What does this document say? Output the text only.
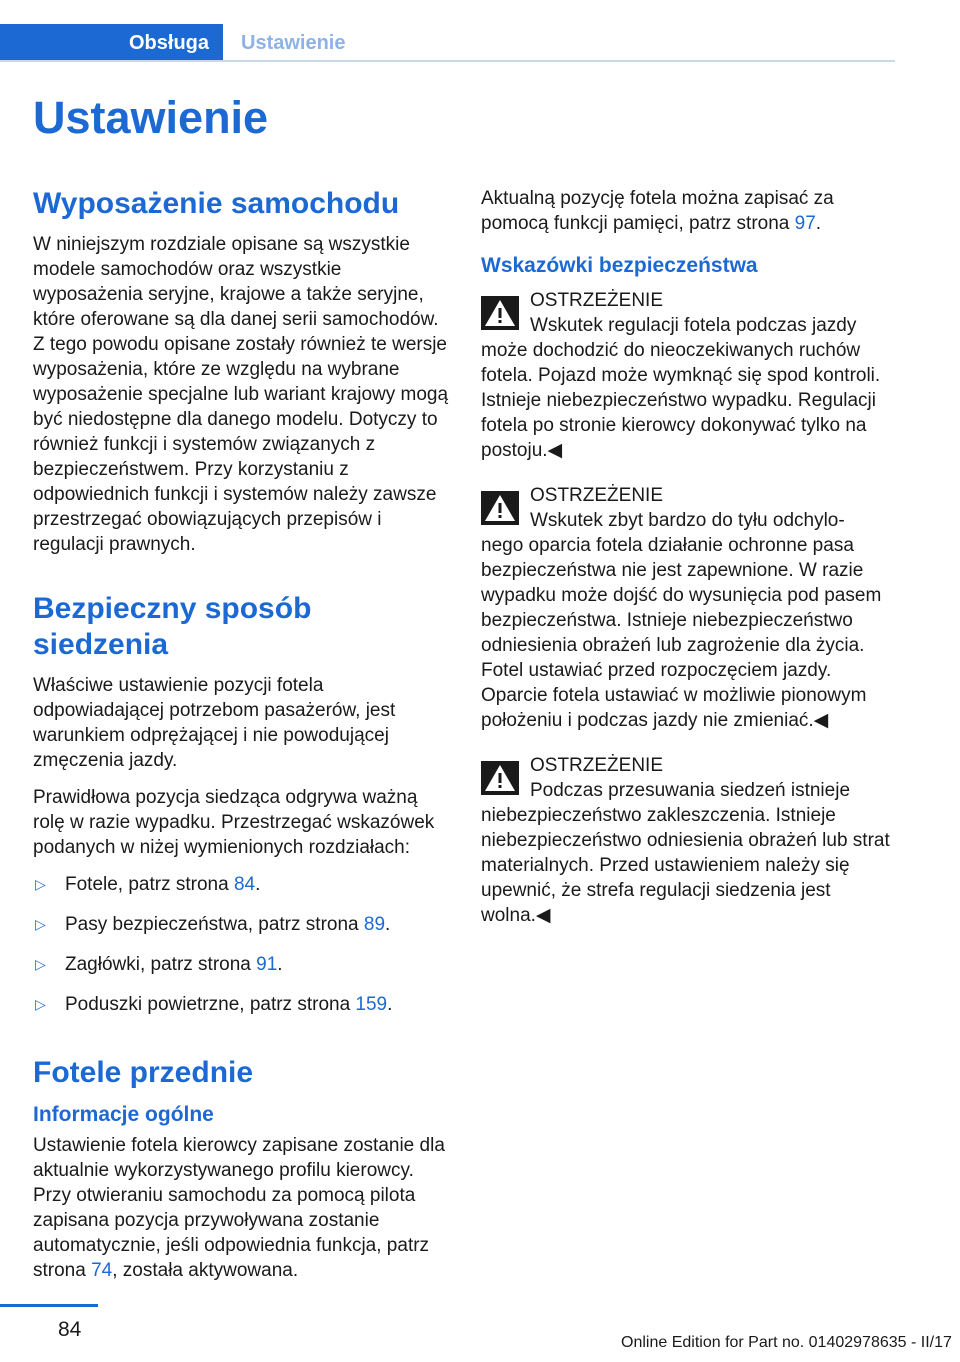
Obsługa	Ustawienie
Ustawienie
Wyposażenie samochodu

W niniejszym rozdziale opisane są wszystkie modele samochodów oraz wszystkie wyposażenia seryjne, krajowe a także seryjne, które oferowane są dla danej serii samochodów. Z tego powodu opisane zostały również te wersje wyposażenia, które ze względu na wybrane wyposażenie specjalne lub wariant krajowy mogą być niedostępne dla danego modelu. Dotyczy to również funkcji i systemów związanych z bezpieczeństwem. Przy korzystaniu z odpowiednich funkcji i systemów należy zawsze przestrzegać obowiązujących przepisów i regulacji prawnych.

Bezpieczny sposób siedzenia

Właściwe ustawienie pozycji fotela odpowiadającej potrzebom pasażerów, jest warunkiem odprężającej i nie powodującej zmęczenia jazdy.

Prawidłowa pozycja siedząca odgrywa ważną rolę w razie wypadku. Przestrzegać wskazówek podanych w niżej wymienionych rozdziałach:

▷ Fotele, patrz strona 84.
▷ Pasy bezpieczeństwa, patrz strona 89.
▷ Zagłówki, patrz strona 91.
▷ Poduszki powietrzne, patrz strona 159.
Fotele przednie
Informacje ogólne

Ustawienie fotela kierowcy zapisane zostanie dla aktualnie wykorzystywanego profilu kierowcy. Przy otwieraniu samochodu za pomocą pilota zapisana pozycja przywoływana zostanie automatycznie, jeśli odpowiednia funkcja, patrz strona 74, została aktywowana.

Aktualną pozycję fotela można zapisać za pomocą funkcji pamięci, patrz strona 97.

Wskazówki bezpieczeństwa
OSTRZEŻENIE
Wskutek regulacji fotela podczas jazdy
może dochodzić do nieoczekiwanych ruchów fotela. Pojazd może wymknąć się spod kontroli. Istnieje niebezpieczeństwo wypadku. Regulacji fotela po stronie kierowcy dokonywać tylko na postoju.◀
OSTRZEŻENIE
Wskutek zbyt bardzo do tyłu odchylo-
nego oparcia fotela działanie ochronne pasa bezpieczeństwa nie jest zapewnione. W razie wypadku może dojść do wysunięcia pod pasem bezpieczeństwa. Istnieje niebezpieczeństwo odniesienia obrażeń lub zagrożenie dla życia. Fotel ustawiać przed rozpoczęciem jazdy. Oparcie fotela ustawiać w możliwie pionowym położeniu i podczas jazdy nie zmieniać.◀
OSTRZEŻENIE
Podczas przesuwania siedzeń istnieje
niebezpieczeństwo zakleszczenia. Istnieje niebezpieczeństwo odniesienia obrażeń lub strat materialnych. Przed ustawieniem należy się upewnić, że strefa regulacji siedzenia jest wolna.◀
84
Online Edition for Part no. 01402978635 - II/17
